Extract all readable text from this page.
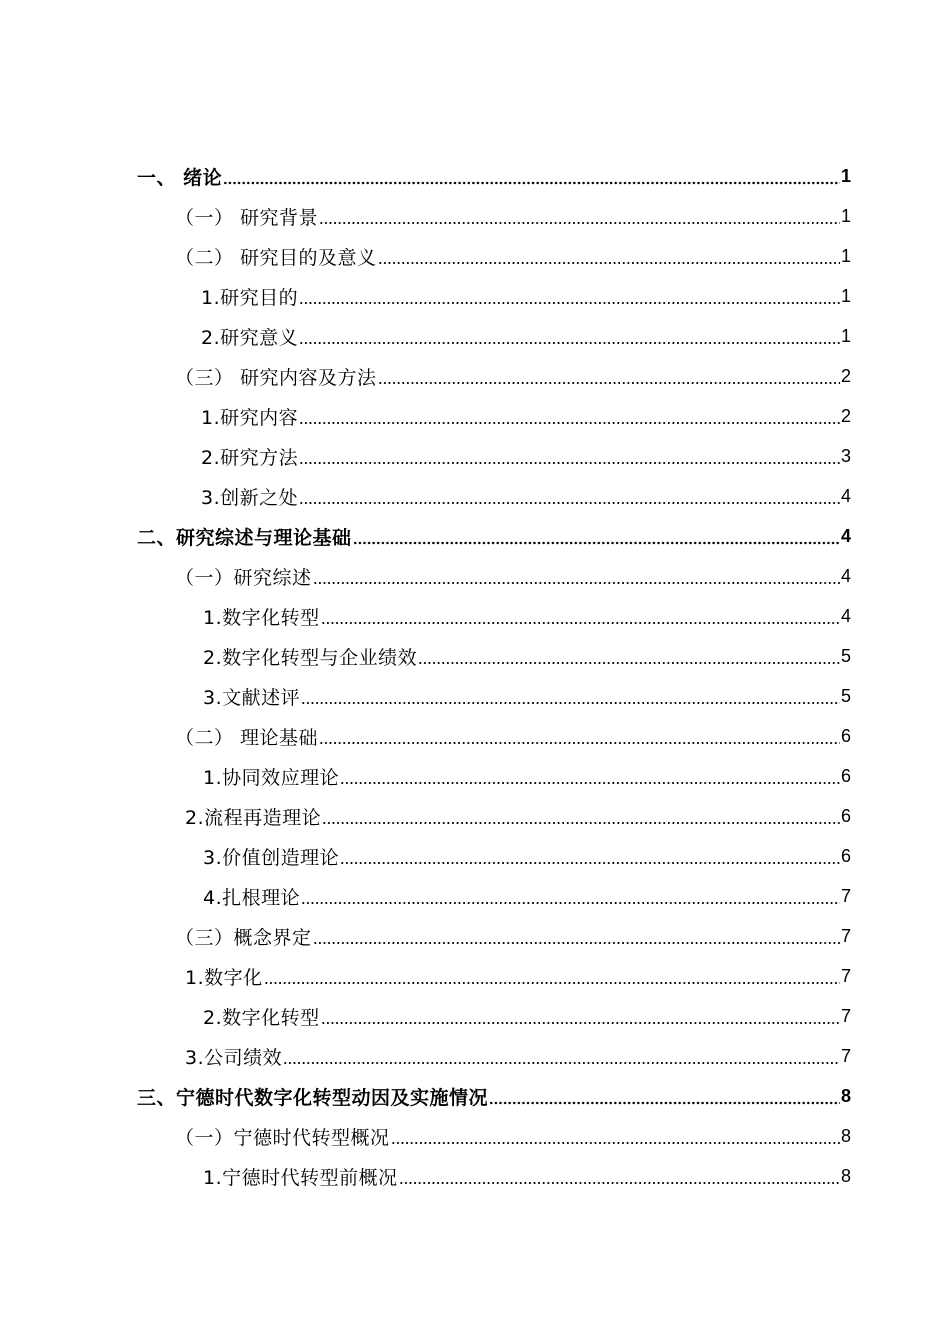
一、 绪论	1
（一） 研究背景	1
（二） 研究目的及意义	1
1.研究目的	1
2.研究意义	1
（三） 研究内容及方法	2
1.研究内容	2
2.研究方法	3
3.创新之处	4
二、研究综述与理论基础	4
（一）研究综述	4
1.数字化转型	4
2.数字化转型与企业绩效	5
3.文献述评	5
（二） 理论基础	6
1.协同效应理论	6
2.流程再造理论	6
3.价值创造理论	6
4.扎根理论	7
（三）概念界定	7
1.数字化	7
2.数字化转型	7
3.公司绩效	7
三、宁德时代数字化转型动因及实施情况	8
（一）宁德时代转型概况	8
1.宁德时代转型前概况	8
